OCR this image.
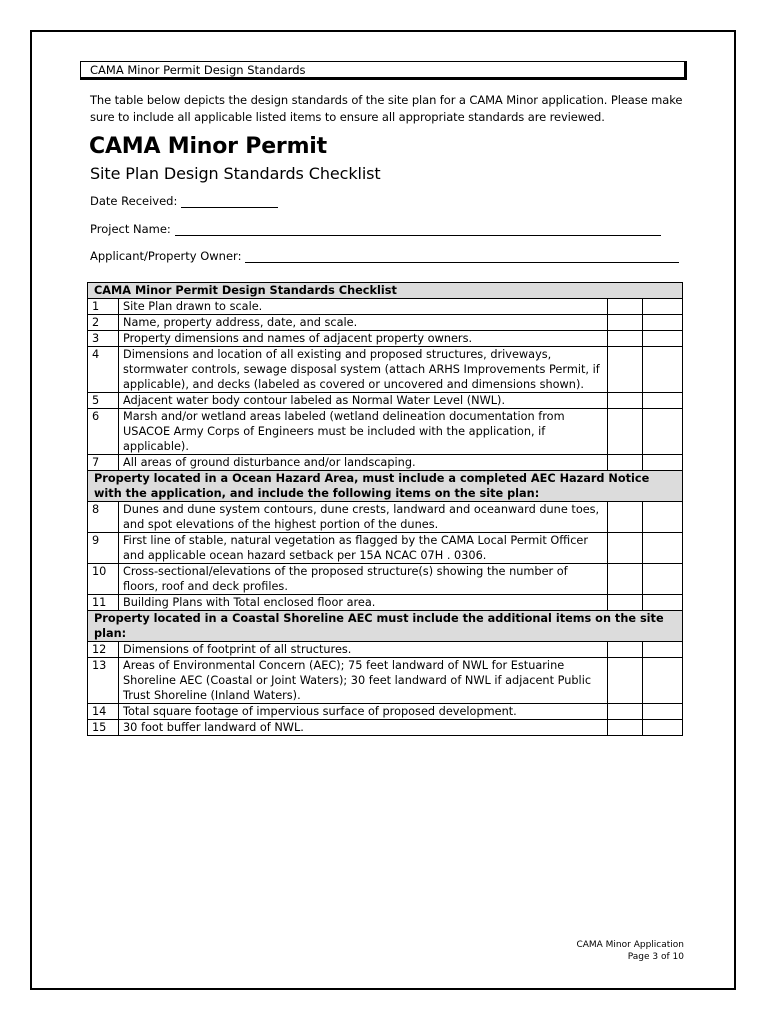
CAMA Minor Permit Design Standards
The table below depicts the design standards of the site plan for a CAMA Minor application. Please make sure to include all applicable listed items to ensure all appropriate standards are reviewed.
CAMA Minor Permit
Site Plan Design Standards Checklist
Date Received:
Project Name:
Applicant/Property Owner:
CAMA Minor Permit Design Standards Checklist			
1	Site Plan drawn to scale.		
2	Name, property address, date, and scale.		
3	Property dimensions and names of adjacent property owners.		
4	Dimensions and location of all existing and proposed structures, driveways, stormwater controls, sewage disposal system (attach ARHS Improvements Permit, if applicable), and decks (labeled as covered or uncovered and dimensions shown).		
5	Adjacent water body contour labeled as Normal Water Level (NWL).		
6	Marsh and/or wetland areas labeled (wetland delineation documentation from USACOE Army Corps of Engineers must be included with the application, if applicable).		
7	All areas of ground disturbance and/or landscaping.		
Property located in a Ocean Hazard Area, must include a completed AEC Hazard Notice with the application, and include the following items on the site plan:			
8	Dunes and dune system contours, dune crests, landward and oceanward dune toes, and spot elevations of the highest portion of the dunes.		
9	First line of stable, natural vegetation as flagged by the CAMA Local Permit Officer and applicable ocean hazard setback per 15A NCAC 07H . 0306.		
10	Cross-sectional/elevations of the proposed structure(s) showing the number of floors, roof and deck profiles.		
11	Building Plans with Total enclosed floor area.		
Property located in a Coastal Shoreline AEC must include the additional items on the site plan:			
12	Dimensions of footprint of all structures.		
13	Areas of Environmental Concern (AEC); 75 feet landward of NWL for Estuarine Shoreline AEC (Coastal or Joint Waters); 30 feet landward of NWL if adjacent Public Trust Shoreline (Inland Waters).		
14	Total square footage of impervious surface of proposed development.		
15	30 foot buffer landward of NWL.		
CAMA Minor Application
Page 3 of 10
